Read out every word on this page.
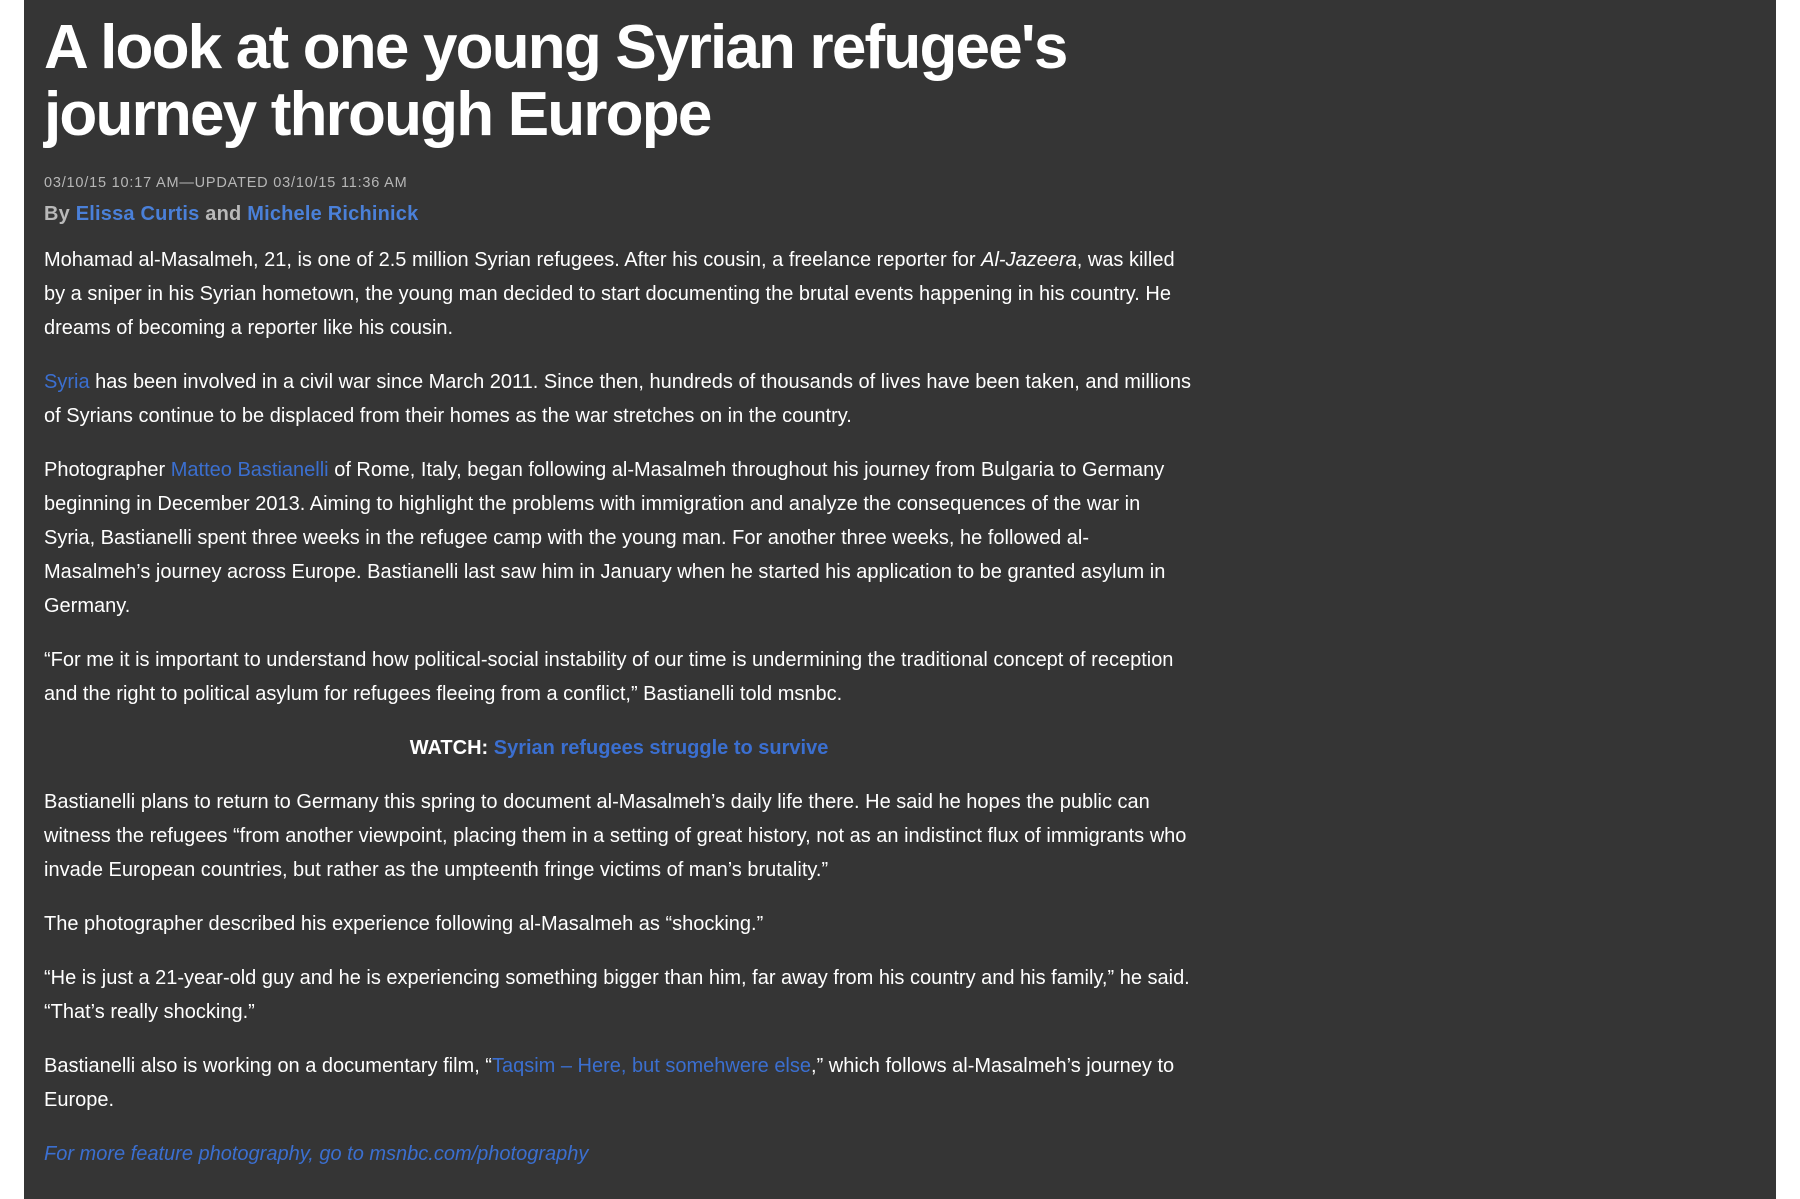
A look at one young Syrian refugee's journey through Europe
03/10/15 10:17 AM—UPDATED 03/10/15 11:36 AM
By Elissa Curtis and Michele Richinick

Mohamad al-Masalmeh, 21, is one of 2.5 million Syrian refugees. After his cousin, a freelance reporter for Al-Jazeera, was killed by a sniper in his Syrian hometown, the young man decided to start documenting the brutal events happening in his country. He dreams of becoming a reporter like his cousin.

Syria has been involved in a civil war since March 2011. Since then, hundreds of thousands of lives have been taken, and millions of Syrians continue to be displaced from their homes as the war stretches on in the country.

Photographer Matteo Bastianelli of Rome, Italy, began following al-Masalmeh throughout his journey from Bulgaria to Germany beginning in December 2013. Aiming to highlight the problems with immigration and analyze the consequences of the war in Syria, Bastianelli spent three weeks in the refugee camp with the young man. For another three weeks, he followed al-Masalmeh’s journey across Europe. Bastianelli last saw him in January when he started his application to be granted asylum in Germany.

“For me it is important to understand how political-social instability of our time is undermining the traditional concept of reception and the right to political asylum for refugees fleeing from a conflict,” Bastianelli told msnbc.

WATCH: Syrian refugees struggle to survive

Bastianelli plans to return to Germany this spring to document al-Masalmeh’s daily life there. He said he hopes the public can witness the refugees “from another viewpoint, placing them in a setting of great history, not as an indistinct flux of immigrants who invade European countries, but rather as the umpteenth fringe victims of man’s brutality.”

The photographer described his experience following al-Masalmeh as “shocking.”

“He is just a 21-year-old guy and he is experiencing something bigger than him, far away from his country and his family,” he said. “That’s really shocking.”

Bastianelli also is working on a documentary film, “Taqsim – Here, but somehwere else,” which follows al-Masalmeh’s journey to Europe.

For more feature photography, go to msnbc.com/photography
